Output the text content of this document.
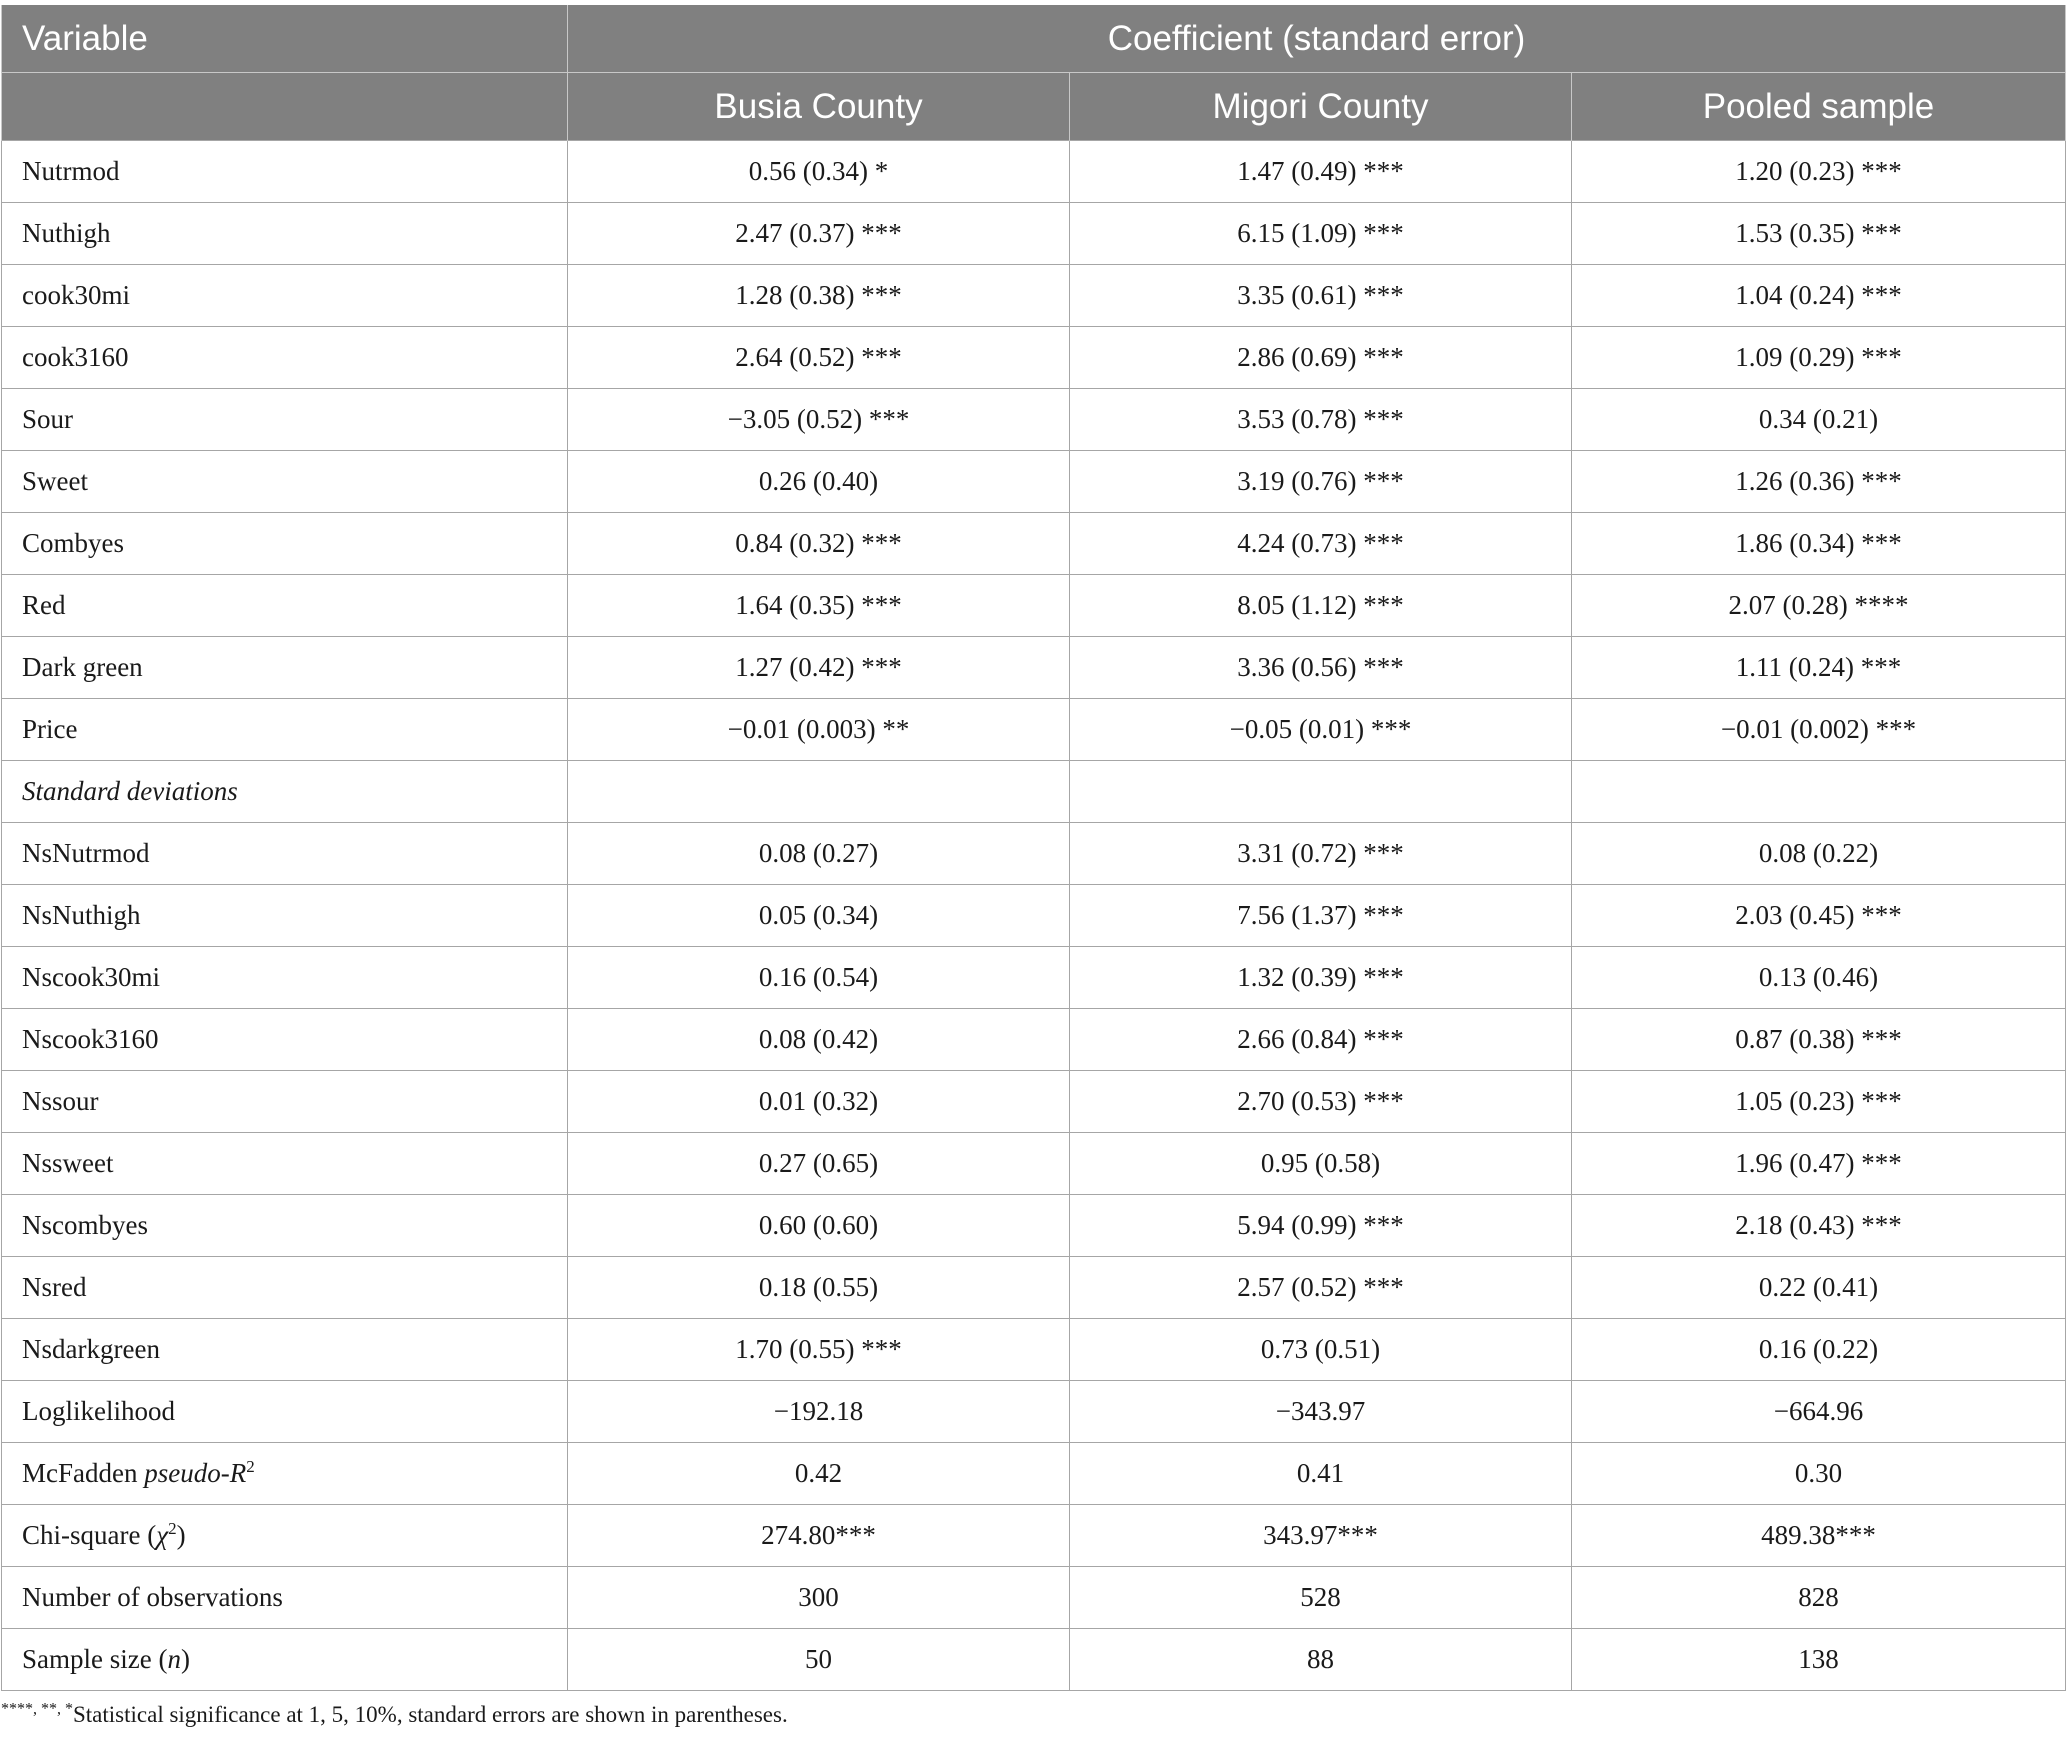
Variable	Coefficient (standard error)		
	Busia County	Migori County	Pooled sample
Nutrmod	0.56 (0.34) *	1.47 (0.49) ***	1.20 (0.23) ***
Nuthigh	2.47 (0.37) ***	6.15 (1.09) ***	1.53 (0.35) ***
cook30mi	1.28 (0.38) ***	3.35 (0.61) ***	1.04 (0.24) ***
cook3160	2.64 (0.52) ***	2.86 (0.69) ***	1.09 (0.29) ***
Sour	−3.05 (0.52) ***	3.53 (0.78) ***	0.34 (0.21)
Sweet	0.26 (0.40)	3.19 (0.76) ***	1.26 (0.36) ***
Combyes	0.84 (0.32) ***	4.24 (0.73) ***	1.86 (0.34) ***
Red	1.64 (0.35) ***	8.05 (1.12) ***	2.07 (0.28) ****
Dark green	1.27 (0.42) ***	3.36 (0.56) ***	1.11 (0.24) ***
Price	−0.01 (0.003) **	−0.05 (0.01) ***	−0.01 (0.002) ***
Standard deviations			
NsNutrmod	0.08 (0.27)	3.31 (0.72) ***	0.08 (0.22)
NsNuthigh	0.05 (0.34)	7.56 (1.37) ***	2.03 (0.45) ***
Nscook30mi	0.16 (0.54)	1.32 (0.39) ***	0.13 (0.46)
Nscook3160	0.08 (0.42)	2.66 (0.84) ***	0.87 (0.38) ***
Nssour	0.01 (0.32)	2.70 (0.53) ***	1.05 (0.23) ***
Nssweet	0.27 (0.65)	0.95 (0.58)	1.96 (0.47) ***
Nscombyes	0.60 (0.60)	5.94 (0.99) ***	2.18 (0.43) ***
Nsred	0.18 (0.55)	2.57 (0.52) ***	0.22 (0.41)
Nsdarkgreen	1.70 (0.55) ***	0.73 (0.51)	0.16 (0.22)
Loglikelihood	−192.18	−343.97	−664.96
McFadden pseudo-$R^2$	0.42	0.41	0.30
Chi-square $(\chi^2)$	274.80***	343.97***	489.38***
Number of observations	300	528	828
Sample size (n)	50	88	138
****, **, *Statistical significance at 1, 5, 10%, standard errors are shown in parentheses.
